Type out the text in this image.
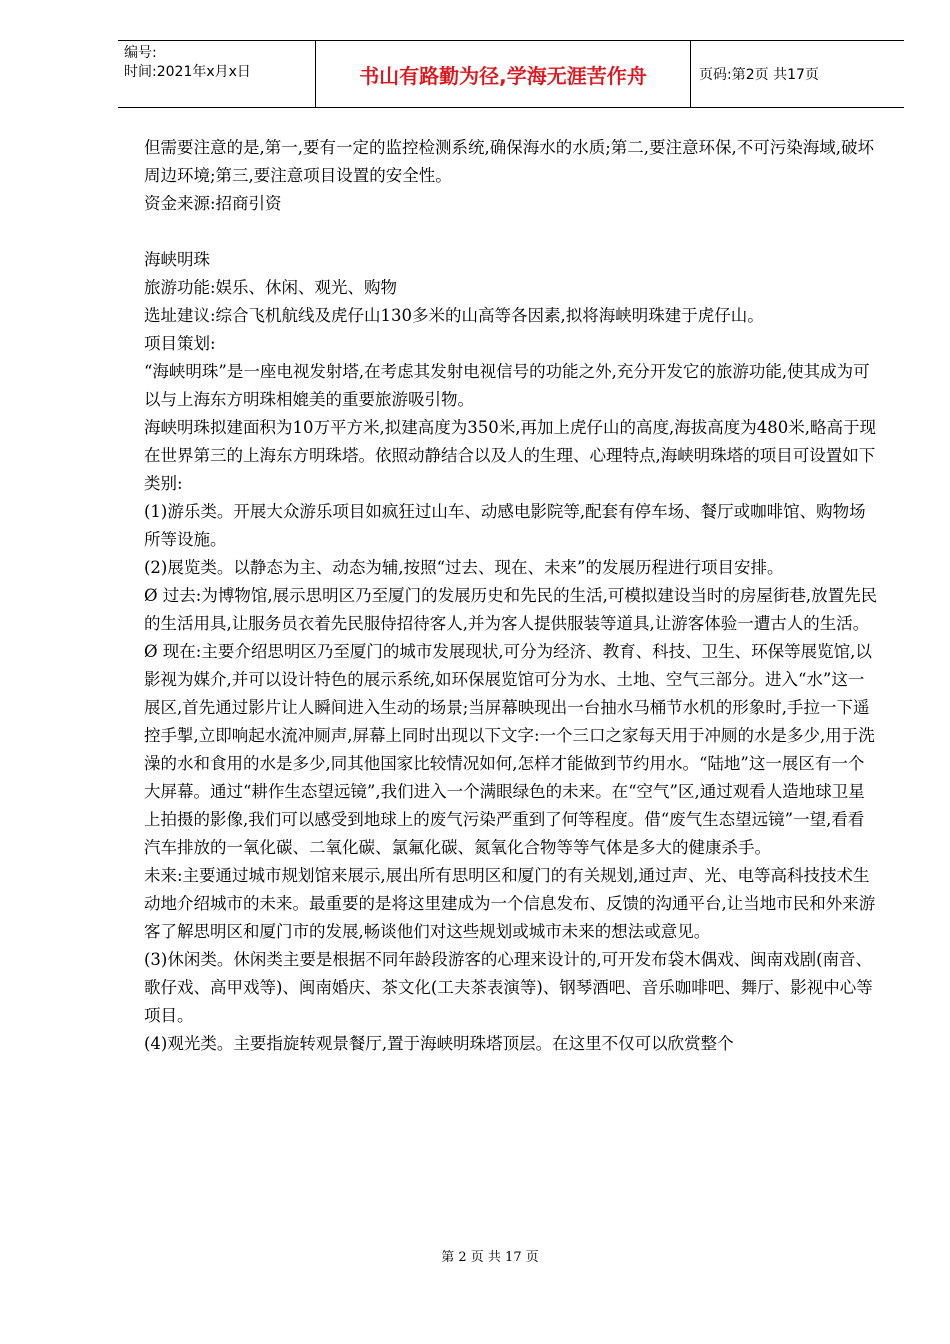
编号:
时间:2021年x月x日	书山有路勤为径,学海无涯苦作舟	页码:第2页 共17页

但需要注意的是,第一,要有一定的监控检测系统,确保海水的水质;第二,要注意环保,不可污染海域,破坏周边环境;第三,要注意项目设置的安全性。

资金来源:招商引资

海峡明珠

旅游功能:娱乐、休闲、观光、购物

选址建议:综合飞机航线及虎仔山130多米的山高等各因素,拟将海峡明珠建于虎仔山。

项目策划:

“海峡明珠”是一座电视发射塔,在考虑其发射电视信号的功能之外,充分开发它的旅游功能,使其成为可以与上海东方明珠相媲美的重要旅游吸引物。

海峡明珠拟建面积为10万平方米,拟建高度为350米,再加上虎仔山的高度,海拔高度为480米,略高于现在世界第三的上海东方明珠塔。依照动静结合以及人的生理、心理特点,海峡明珠塔的项目可设置如下类别:

(1)游乐类。开展大众游乐项目如疯狂过山车、动感电影院等,配套有停车场、餐厅或咖啡馆、购物场所等设施。

(2)展览类。以静态为主、动态为辅,按照“过去、现在、未来”的发展历程进行项目安排。

Ø 过去:为博物馆,展示思明区乃至厦门的发展历史和先民的生活,可模拟建设当时的房屋街巷,放置先民的生活用具,让服务员衣着先民服侍招待客人,并为客人提供服装等道具,让游客体验一遭古人的生活。

Ø 现在:主要介绍思明区乃至厦门的城市发展现状,可分为经济、教育、科技、卫生、环保等展览馆,以影视为媒介,并可以设计特色的展示系统,如环保展览馆可分为水、土地、空气三部分。进入“水”这一展区,首先通过影片让人瞬间进入生动的场景;当屏幕映现出一台抽水马桶节水机的形象时,手拉一下遥控手掣,立即响起水流冲厕声,屏幕上同时出现以下文字:一个三口之家每天用于冲厕的水是多少,用于洗澡的水和食用的水是多少,同其他国家比较情况如何,怎样才能做到节约用水。“陆地”这一展区有一个大屏幕。通过“耕作生态望远镜”,我们进入一个满眼绿色的未来。在“空气”区,通过观看人造地球卫星上拍摄的影像,我们可以感受到地球上的废气污染严重到了何等程度。借“废气生态望远镜”一望,看看汽车排放的一氧化碳、二氧化碳、氯氟化碳、氮氧化合物等等气体是多大的健康杀手。

未来:主要通过城市规划馆来展示,展出所有思明区和厦门的有关规划,通过声、光、电等高科技技术生动地介绍城市的未来。最重要的是将这里建成为一个信息发布、反馈的沟通平台,让当地市民和外来游客了解思明区和厦门市的发展,畅谈他们对这些规划或城市未来的想法或意见。

(3)休闲类。休闲类主要是根据不同年龄段游客的心理来设计的,可开发布袋木偶戏、闽南戏剧(南音、歌仔戏、高甲戏等)、闽南婚庆、茶文化(工夫茶表演等)、钢琴酒吧、音乐咖啡吧、舞厅、影视中心等项目。

(4)观光类。主要指旋转观景餐厅,置于海峡明珠塔顶层。在这里不仅可以欣赏整个

第 2 页 共 17 页
